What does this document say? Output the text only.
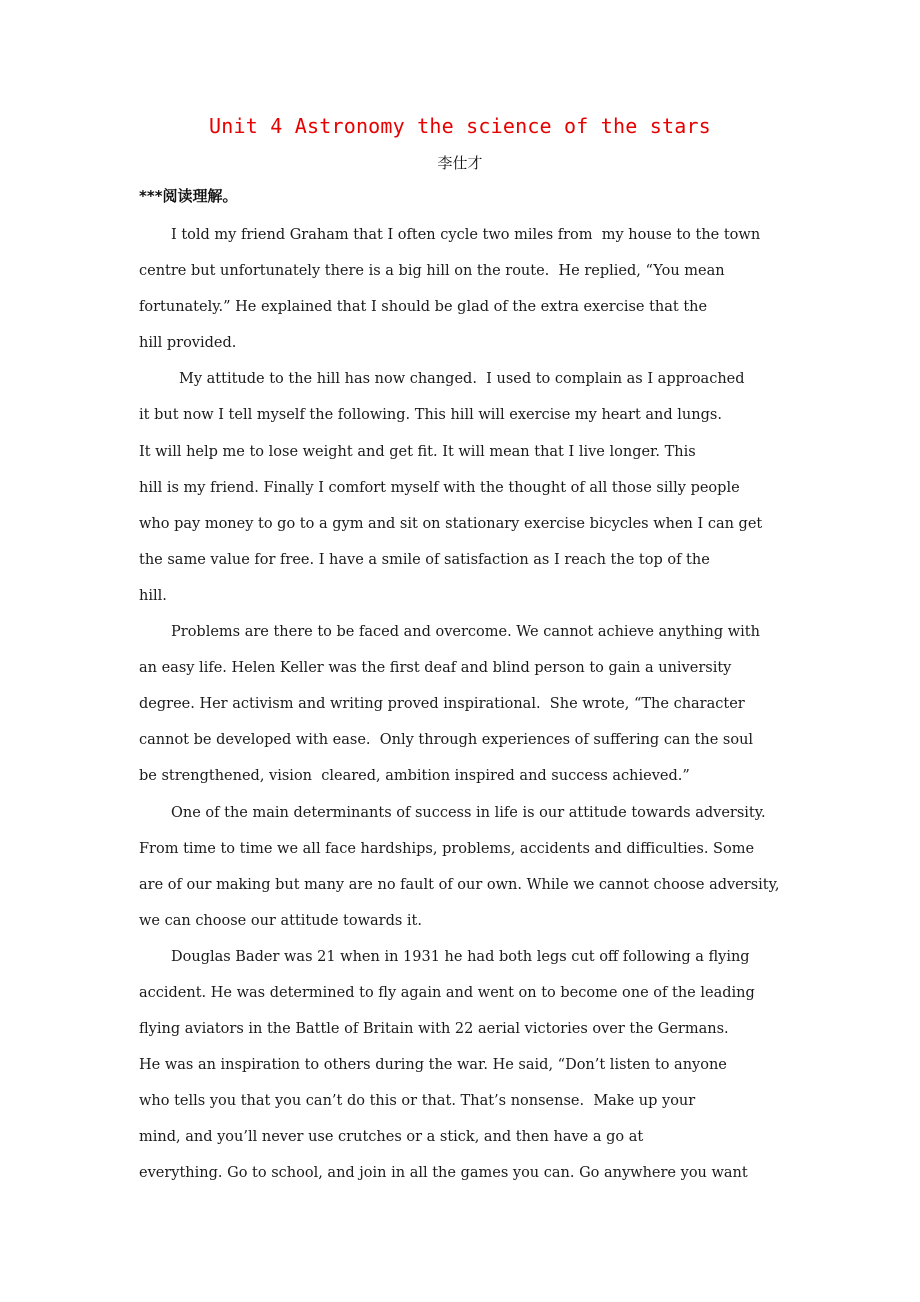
Unit 4 Astronomy the science of the stars
李仕才
***阅读理解。
I told my friend Graham that I often cycle two miles from  my house to the town
centre but unfortunately there is a big hill on the route.  He replied, “You mean
fortunately.” He explained that I should be glad of the extra exercise that the
hill provided.
My attitude to the hill has now changed.  I used to complain as I approached
it but now I tell myself the following. This hill will exercise my heart and lungs.
It will help me to lose weight and get fit. It will mean that I live longer. This
hill is my friend. Finally I comfort myself with the thought of all those silly people
who pay money to go to a gym and sit on stationary exercise bicycles when I can get
the same value for free. I have a smile of satisfaction as I reach the top of the
hill.
Problems are there to be faced and overcome. We cannot achieve anything with
an easy life. Helen Keller was the first deaf and blind person to gain a university
degree. Her activism and writing proved inspirational.  She wrote, “The character
cannot be developed with ease.  Only through experiences of suffering can the soul
be strengthened, vision  cleared, ambition inspired and success achieved.”
One of the main determinants of success in life is our attitude towards adversity.
From time to time we all face hardships, problems, accidents and difficulties. Some
are of our making but many are no fault of our own. While we cannot choose adversity,
we can choose our attitude towards it.
Douglas Bader was 21 when in 1931 he had both legs cut off following a flying
accident. He was determined to fly again and went on to become one of the leading
flying aviators in the Battle of Britain with 22 aerial victories over the Germans.
He was an inspiration to others during the war. He said, “Don’t listen to anyone
who tells you that you can’t do this or that. That’s nonsense.  Make up your
mind, and you’ll never use crutches or a stick, and then have a go at
everything. Go to school, and join in all the games you can. Go anywhere you want
